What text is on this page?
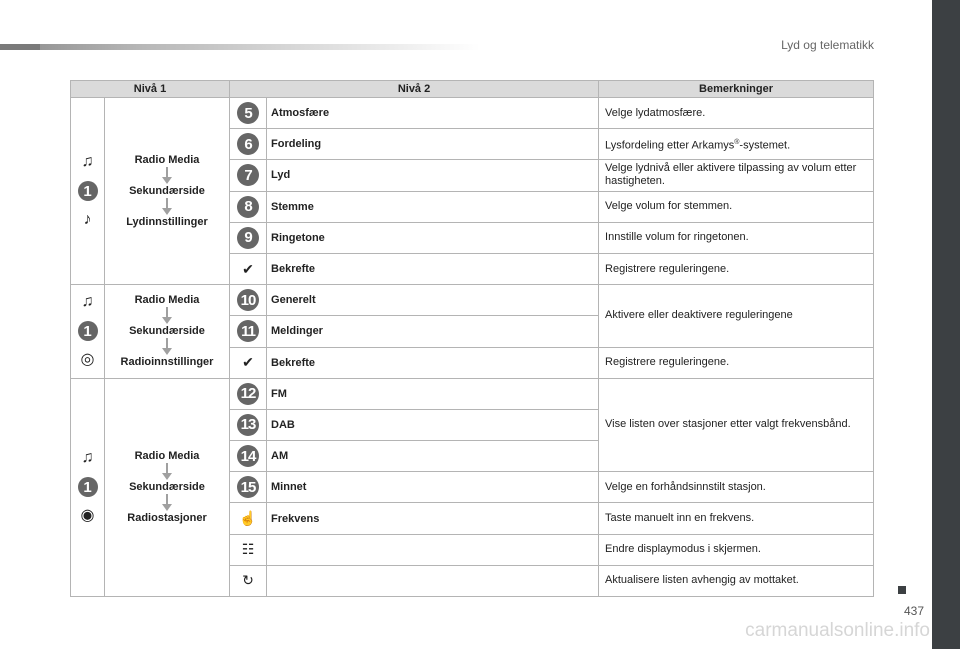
Lyd og telematikk
Nivå 1		Nivå 2		Bemerkninger

♫
1
♪	Radio Media
Sekundærside
Lydinnstillinger	5	Atmosfære	Velge lydatmosfære.
		6	Fordeling	Lysfordeling etter Arkamys®-systemet.
		7	Lyd	Velge lydnivå eller aktivere tilpassing av volum etter hastigheten.
		8	Stemme	Velge volum for stemmen.
		9	Ringetone	Innstille volum for ringetonen.
		✔	Bekrefte	Registrere reguleringene.

♫
1
◎	Radio Media
Sekundærside
Radioinnstillinger	10	Generelt	Aktivere eller deaktivere reguleringene
		11	Meldinger	
		✔	Bekrefte	Registrere reguleringene.

♫
1
◉	Radio Media
Sekundærside
Radiostasjoner	12	FM	Vise listen over stasjoner etter valgt frekvensbånd.
		13	DAB	
		14	AM	
		15	Minnet	Velge en forhåndsinnstilt stasjon.
		☝	Frekvens	Taste manuelt inn en frekvens.
		☷		Endre displaymodus i skjermen.
		↻		Aktualisere listen avhengig av mottaket.
437
carmanualsonline.info
